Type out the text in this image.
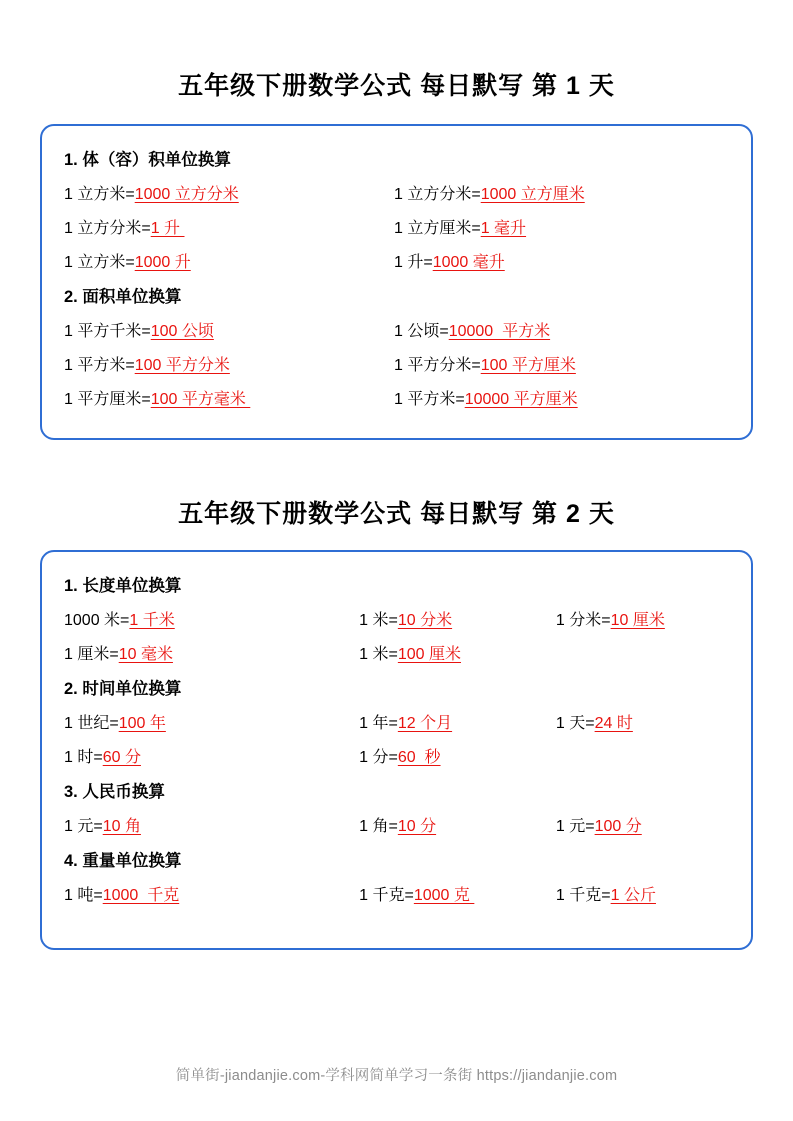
五年级下册数学公式 每日默写 第 1 天
1. 体（容）积单位换算
1 立方米=1000 立方分米	1 立方分米=1000 立方厘米
1 立方分米=1 升	1 立方厘米=1 毫升
1 立方米=1000 升	1 升=1000 毫升
2. 面积单位换算
1 平方千米=100 公顷	1 公顷=10000  平方米
1 平方米=100 平方分米	1 平方分米=100 平方厘米
1 平方厘米=100 平方毫米	1 平方米=10000 平方厘米
五年级下册数学公式 每日默写 第 2 天
1. 长度单位换算
1000 米=1 千米	1 米=10 分米	1 分米=10 厘米
1 厘米=10 毫米	1 米=100 厘米
2. 时间单位换算
1 世纪=100 年	1 年=12 个月	1 天=24 时
1 时=60 分	1 分=60  秒
3. 人民币换算
1 元=10 角	1 角=10 分	1 元=100 分
4. 重量单位换算
1 吨=1000  千克	1 千克=1000 克	1 千克=1 公斤
简单街-jiandanjie.com-学科网简单学习一条街 https://jiandanjie.com
